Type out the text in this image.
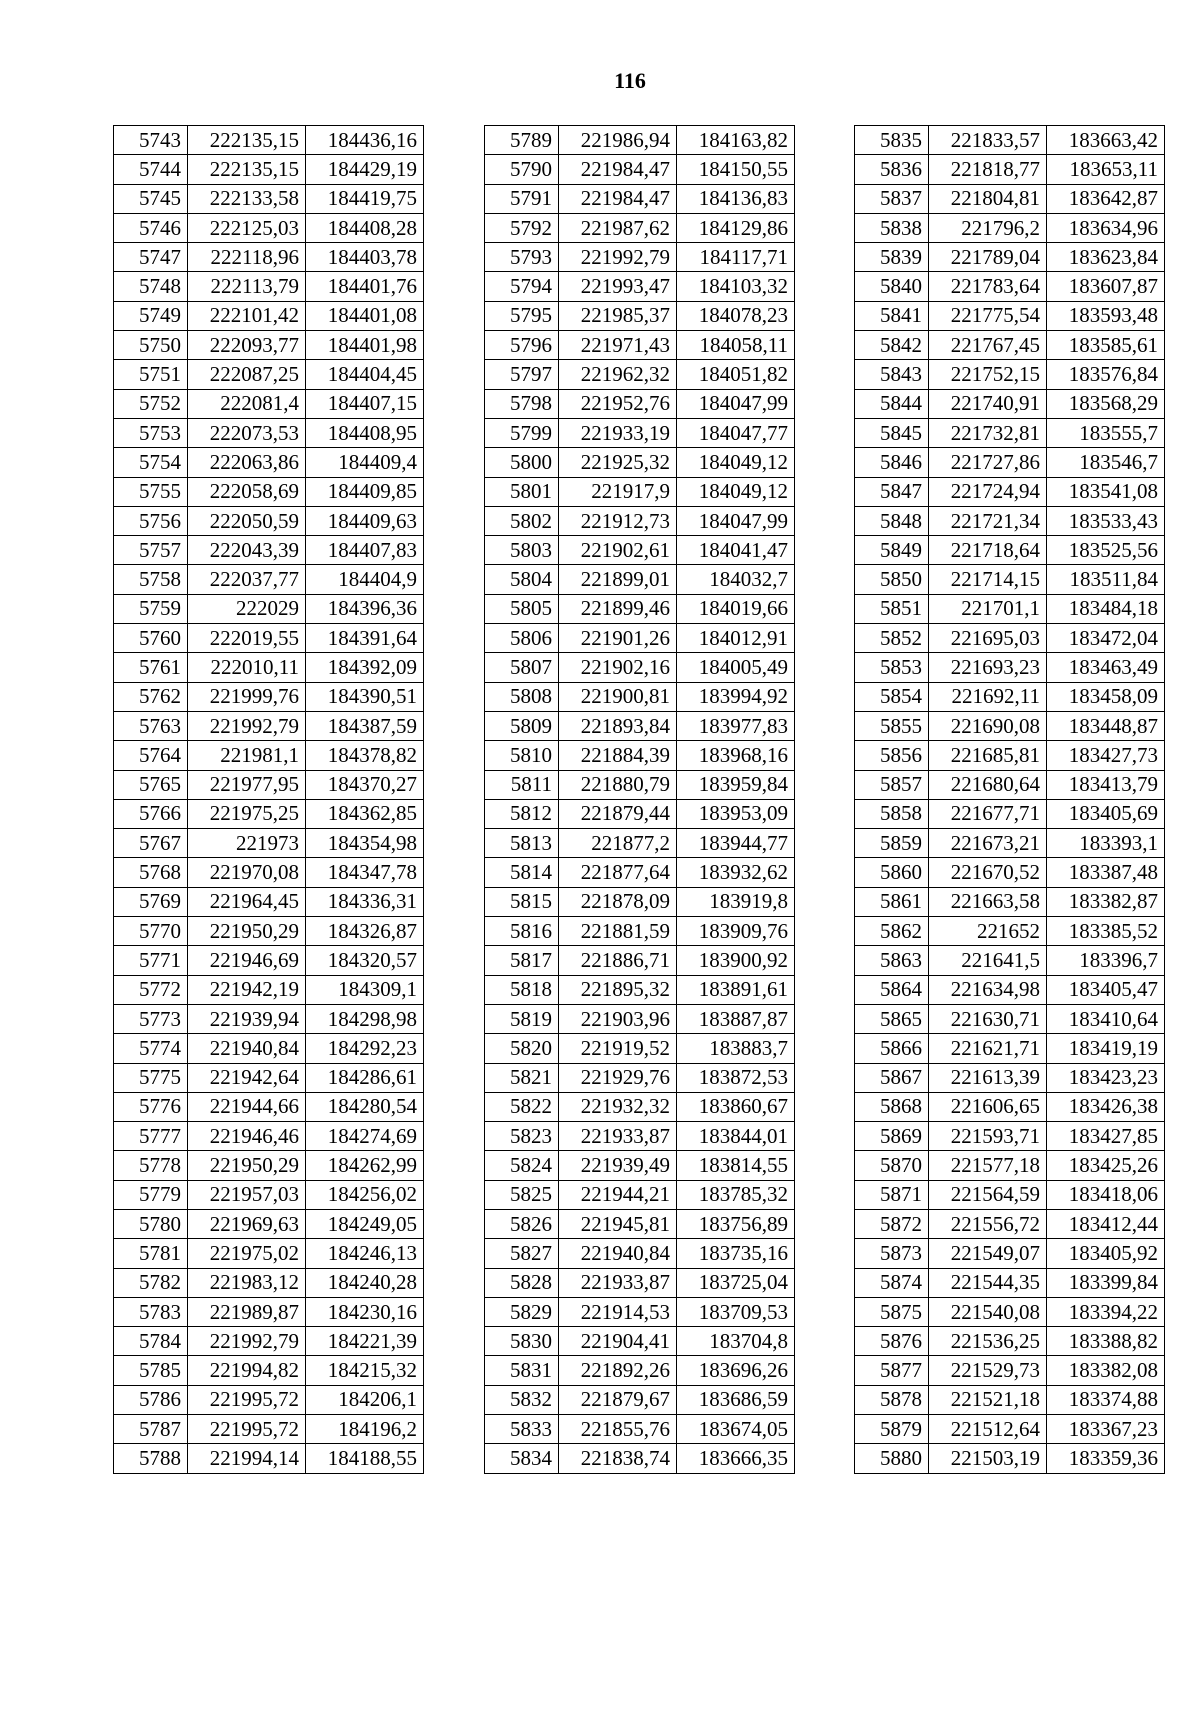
116
5743	222135,15	184436,16
5744	222135,15	184429,19
5745	222133,58	184419,75
5746	222125,03	184408,28
5747	222118,96	184403,78
5748	222113,79	184401,76
5749	222101,42	184401,08
5750	222093,77	184401,98
5751	222087,25	184404,45
5752	222081,4	184407,15
5753	222073,53	184408,95
5754	222063,86	184409,4
5755	222058,69	184409,85
5756	222050,59	184409,63
5757	222043,39	184407,83
5758	222037,77	184404,9
5759	222029	184396,36
5760	222019,55	184391,64
5761	222010,11	184392,09
5762	221999,76	184390,51
5763	221992,79	184387,59
5764	221981,1	184378,82
5765	221977,95	184370,27
5766	221975,25	184362,85
5767	221973	184354,98
5768	221970,08	184347,78
5769	221964,45	184336,31
5770	221950,29	184326,87
5771	221946,69	184320,57
5772	221942,19	184309,1
5773	221939,94	184298,98
5774	221940,84	184292,23
5775	221942,64	184286,61
5776	221944,66	184280,54
5777	221946,46	184274,69
5778	221950,29	184262,99
5779	221957,03	184256,02
5780	221969,63	184249,05
5781	221975,02	184246,13
5782	221983,12	184240,28
5783	221989,87	184230,16
5784	221992,79	184221,39
5785	221994,82	184215,32
5786	221995,72	184206,1
5787	221995,72	184196,2
5788	221994,14	184188,55
5789	221986,94	184163,82
5790	221984,47	184150,55
5791	221984,47	184136,83
5792	221987,62	184129,86
5793	221992,79	184117,71
5794	221993,47	184103,32
5795	221985,37	184078,23
5796	221971,43	184058,11
5797	221962,32	184051,82
5798	221952,76	184047,99
5799	221933,19	184047,77
5800	221925,32	184049,12
5801	221917,9	184049,12
5802	221912,73	184047,99
5803	221902,61	184041,47
5804	221899,01	184032,7
5805	221899,46	184019,66
5806	221901,26	184012,91
5807	221902,16	184005,49
5808	221900,81	183994,92
5809	221893,84	183977,83
5810	221884,39	183968,16
5811	221880,79	183959,84
5812	221879,44	183953,09
5813	221877,2	183944,77
5814	221877,64	183932,62
5815	221878,09	183919,8
5816	221881,59	183909,76
5817	221886,71	183900,92
5818	221895,32	183891,61
5819	221903,96	183887,87
5820	221919,52	183883,7
5821	221929,76	183872,53
5822	221932,32	183860,67
5823	221933,87	183844,01
5824	221939,49	183814,55
5825	221944,21	183785,32
5826	221945,81	183756,89
5827	221940,84	183735,16
5828	221933,87	183725,04
5829	221914,53	183709,53
5830	221904,41	183704,8
5831	221892,26	183696,26
5832	221879,67	183686,59
5833	221855,76	183674,05
5834	221838,74	183666,35
5835	221833,57	183663,42
5836	221818,77	183653,11
5837	221804,81	183642,87
5838	221796,2	183634,96
5839	221789,04	183623,84
5840	221783,64	183607,87
5841	221775,54	183593,48
5842	221767,45	183585,61
5843	221752,15	183576,84
5844	221740,91	183568,29
5845	221732,81	183555,7
5846	221727,86	183546,7
5847	221724,94	183541,08
5848	221721,34	183533,43
5849	221718,64	183525,56
5850	221714,15	183511,84
5851	221701,1	183484,18
5852	221695,03	183472,04
5853	221693,23	183463,49
5854	221692,11	183458,09
5855	221690,08	183448,87
5856	221685,81	183427,73
5857	221680,64	183413,79
5858	221677,71	183405,69
5859	221673,21	183393,1
5860	221670,52	183387,48
5861	221663,58	183382,87
5862	221652	183385,52
5863	221641,5	183396,7
5864	221634,98	183405,47
5865	221630,71	183410,64
5866	221621,71	183419,19
5867	221613,39	183423,23
5868	221606,65	183426,38
5869	221593,71	183427,85
5870	221577,18	183425,26
5871	221564,59	183418,06
5872	221556,72	183412,44
5873	221549,07	183405,92
5874	221544,35	183399,84
5875	221540,08	183394,22
5876	221536,25	183388,82
5877	221529,73	183382,08
5878	221521,18	183374,88
5879	221512,64	183367,23
5880	221503,19	183359,36
